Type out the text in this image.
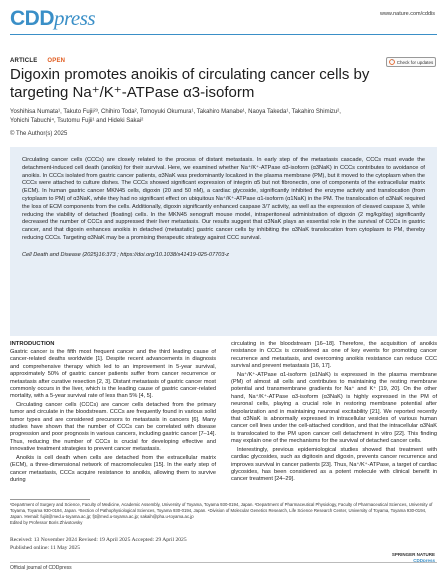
CDDpress	www.nature.com/cddis
ARTICLE OPEN	Check for updates
Digoxin promotes anoikis of circulating cancer cells by targeting Na⁺/K⁺-ATPase α3-isoform
Yoshihisa Numata¹, Takuto Fujii²³, Chihiro Toda², Tomoyuki Okumura¹, Takahiro Manabe¹, Naoya Takeda¹, Takahiro Shimizu²,
Yohichi Tabuchi⁴, Tsutomu Fujii¹ and Hideki Sakai²
© The Author(s) 2025

Circulating cancer cells (CCCs) are closely related to the process of distant metastasis. In early step of the metastasis cascade, CCCs must evade the detachment-induced cell death (anoikis) for their survival. Here, we examined whether Na⁺/K⁺-ATPase α3-isoform (α3NaK) in CCCs contributes to avoidance of anoikis. In CCCs isolated from gastric cancer patients, α3NaK was predominantly localized in the plasma membrane (PM), but it moved to the cytoplasm when the CCCs were attached to culture dishes. The CCCs showed significant expression of integrin α5 but not fibronectin, one of components of the extracellular matrix (ECM). In human gastric cancer MKN45 cells, digoxin (20 and 50 nM), a cardiac glycoside, significantly inhibited the enzyme activity and translocation (from cytoplasm to PM) of α3NaK, while they had no significant effect on ubiquitous Na⁺/K⁺-ATPase α1-isoform (α1NaK) in the PM. The translocation of α3NaK required the loss of ECM components from the cells. Additionally, digoxin significantly enhanced caspase 3/7 activity, as well as the expression of cleaved caspase 3, while reducing the viability of detached (floating) cells. In the MKN45 xenograft mouse model, intraperitoneal administration of digoxin (2 mg/kg/day) significantly decreased the number of CCCs and suppressed their liver metastasis. Our results suggest that α3NaK plays an essential role in the survival of CCCs in gastric cancer, and that digoxin enhances anoikis in detached (metastatic) gastric cancer cells by inhibiting the α3NaK translocation from cytoplasm to PM, thereby reducing CCCs. Targeting α3NaK may be a promising therapeutic strategy against CCC survival.

Cell Death and Disease (2025)16:373 ; https://doi.org/10.1038/s41419-025-07703-z
INTRODUCTION

Gastric cancer is the fifth most frequent cancer and the third leading cause of cancer-related deaths worldwide [1]. Despite recent advancements in diagnosis and comprehensive therapy which led to an improvement in 5-year survival, approximately 50% of gastric cancer patients suffer from cancer recurrence or metastasis after curative resection [2, 3]. Distant metastasis of gastric cancer most commonly occurs in the liver, which is the leading cause of gastric cancer-related mortality, with a 5-year survival rate of less than 5% [4, 5].

Circulating cancer cells (CCCs) are cancer cells detached from the primary tumor and circulate in the bloodstream. CCCs are frequently found in various solid tumor types and are considered precursors to metastasis in cancers [6]. Many studies have shown that the number of CCCs can be correlated with disease progression and poor prognosis in various cancers, including gastric cancer [7–14]. Thus, reducing the number of CCCs is crucial for developing effective and innovative treatment strategies to prevent cancer metastasis.

Anoikis is cell death when cells are detached from the extracellular matrix (ECM), a three-dimensional network of macromolecules [15]. In the early step of cancer metastasis, CCCs acquire resistance to anoikis, allowing them to survive during

circulating in the bloodstream [16–18]. Therefore, the acquisition of anoikis resistance in CCCs is considered as one of key events for promoting cancer recurrence and metastasis, and overcoming anoikis resistance can reduce CCC survival and prevent metastasis [16, 17].

Na⁺/K⁺-ATPase α1-isoform (α1NaK) is expressed in the plasma membrane (PM) of almost all cells and contributes to maintaining the resting membrane potential and transmembrane gradients for Na⁺ and K⁺ [19, 20]. On the other hand, Na⁺/K⁺-ATPase α3-isoform (α3NaK) is highly expressed in the PM of neuronal cells, playing a crucial role in restoring membrane potential after depolarization and in maintaining neuronal excitability [21]. We reported recently that α3NaK is abnormally expressed in intracellular vesicles of various human cancer cell lines under the cell-attached condition, and that the intracellular α3NaK is translocated to the PM upon cancer cell detachment in vitro [22]. This finding may explain one of the mechanisms for the survival of detached cancer cells.

Interestingly, previous epidemiological studies showed that treatment with cardiac glycosides, such as digitoxin and digoxin, prevents cancer recurrence and improves survival in cancer patients [23]. Thus, Na⁺/K⁺-ATPase, a target of cardiac glycosides, has been considered as a potent molecule with clinical benefit in cancer treatment [24–29].

¹Department of Surgery and Science, Faculty of Medicine, Academic Assembly, University of Toyama, Toyama 930-0194, Japan. ²Department of Pharmaceutical Physiology, Faculty of Pharmaceutical Sciences, University of Toyama, Toyama 930-0194, Japan. ³Section of Pathophysiological Sciences, Toyama 930-0194, Japan. ⁴Division of Molecular Genetics Research, Life Science Research Center, University of Toyama, Toyama 930-0194, Japan. ✉email: fujiit@med.u-toyama.ac.jp; fjt@med.u-toyama.ac.jp; sakaih@pha.u-toyama.ac.jp
Edited by Professor Boris Zhivotovsky
Received: 13 November 2024 Revised: 19 April 2025 Accepted: 29 April 2025
Published online: 11 May 2025
SPRINGER NATURE
CDDpress
Official journal of CDDpress
